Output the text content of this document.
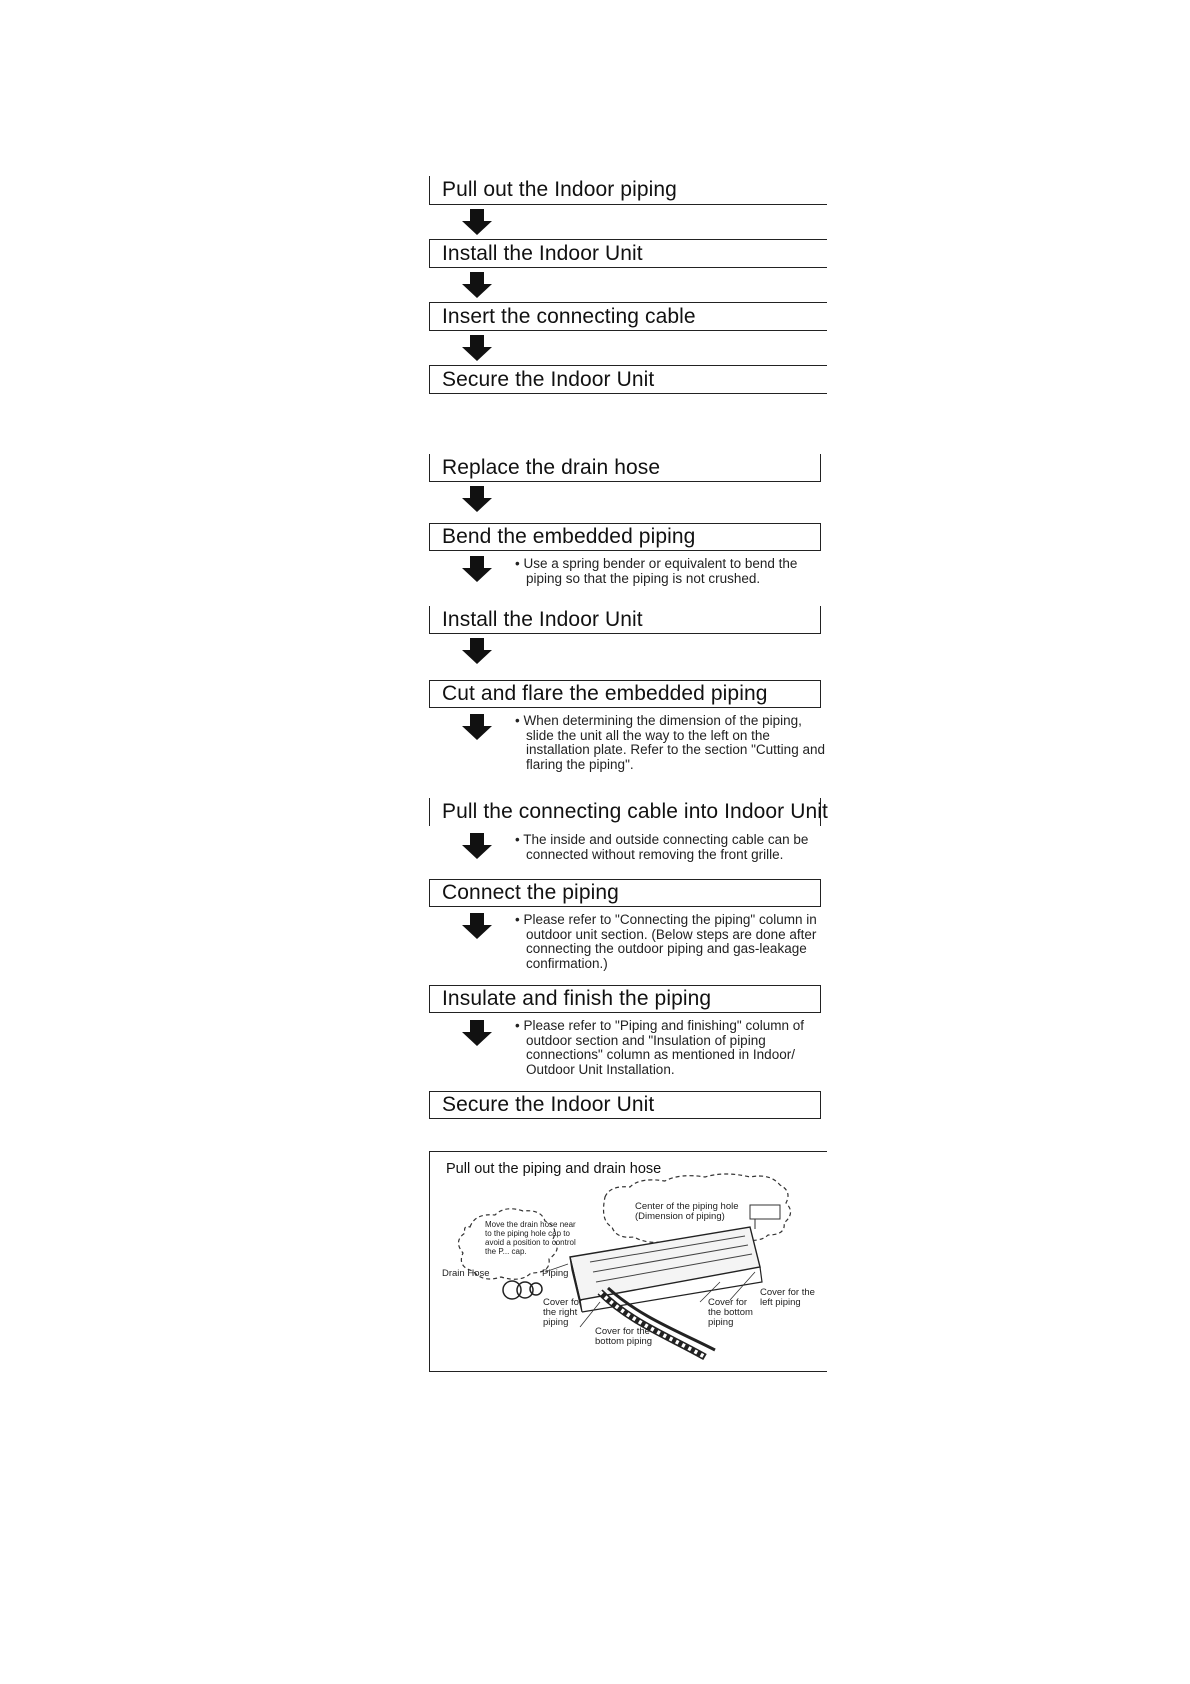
Pull out the Indoor piping
Install the Indoor Unit
Insert the connecting cable
Secure the Indoor Unit
Replace the drain hose
Bend the embedded piping
• Use a spring bender or equivalent to bend the piping so that the piping is not crushed.
Install the Indoor Unit
Cut and flare the embedded piping
• When determining the dimension of the piping, slide the unit all the way to the left on the installation plate. Refer to the section "Cutting and flaring the piping".
Pull the connecting cable into Indoor Unit
• The inside and outside connecting cable can be connected without removing the front grille.
Connect the piping
• Please refer to "Connecting the piping" column in outdoor unit section. (Below steps are done after connecting the outdoor piping and gas-leakage confirmation.)
Insulate and finish the piping
• Please refer to "Piping and finishing" column of outdoor section and "Insulation of piping connections" column as mentioned in Indoor/ Outdoor Unit Installation.
Secure the Indoor Unit
Pull out the piping and drain hose
Center of the piping hole (Dimension of piping)
Move the drain hose near to the piping hole cap to avoid a position to control the P... cap.
Drain Hose	Piping
Cover for the right piping
Cover for the bottom piping
Cover for the bottom piping
Cover for the left piping
